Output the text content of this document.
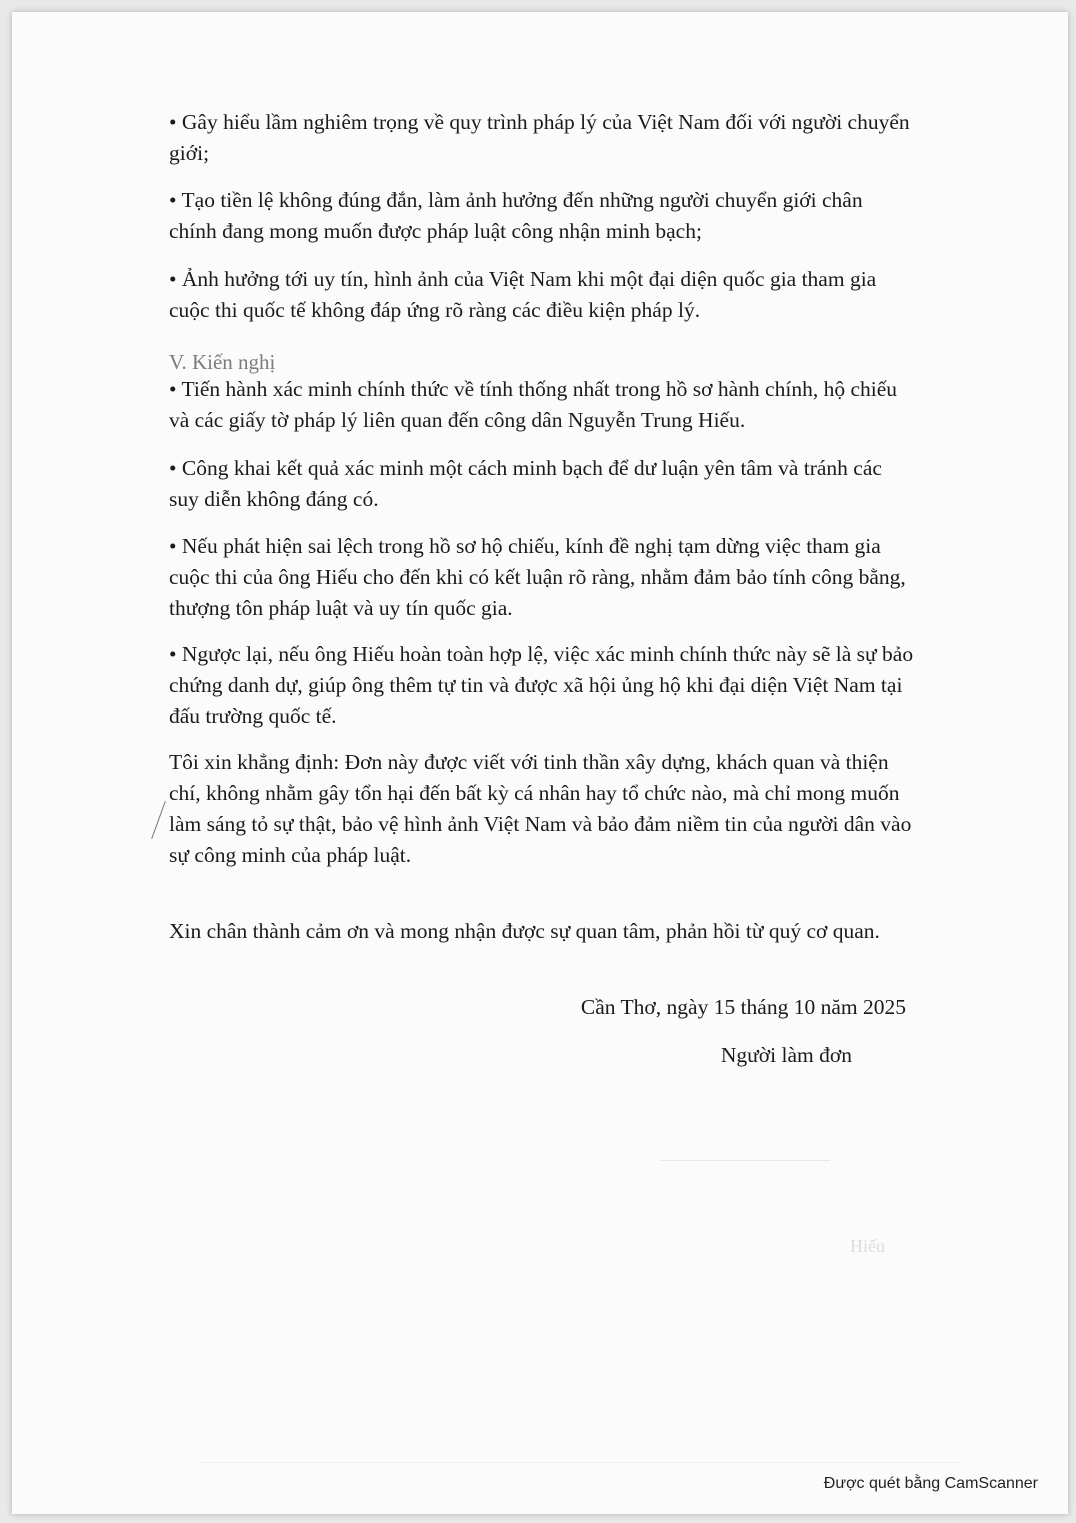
• Gây hiểu lầm nghiêm trọng về quy trình pháp lý của Việt Nam đối với người chuyển giới;

• Tạo tiền lệ không đúng đắn, làm ảnh hưởng đến những người chuyển giới chân chính đang mong muốn được pháp luật công nhận minh bạch;

• Ảnh hưởng tới uy tín, hình ảnh của Việt Nam khi một đại diện quốc gia tham gia cuộc thi quốc tế không đáp ứng rõ ràng các điều kiện pháp lý.

V. Kiến nghị

• Tiến hành xác minh chính thức về tính thống nhất trong hồ sơ hành chính, hộ chiếu và các giấy tờ pháp lý liên quan đến công dân Nguyễn Trung Hiếu.

• Công khai kết quả xác minh một cách minh bạch để dư luận yên tâm và tránh các suy diễn không đáng có.

• Nếu phát hiện sai lệch trong hồ sơ hộ chiếu, kính đề nghị tạm dừng việc tham gia cuộc thi của ông Hiếu cho đến khi có kết luận rõ ràng, nhằm đảm bảo tính công bằng, thượng tôn pháp luật và uy tín quốc gia.

• Ngược lại, nếu ông Hiếu hoàn toàn hợp lệ, việc xác minh chính thức này sẽ là sự bảo chứng danh dự, giúp ông thêm tự tin và được xã hội ủng hộ khi đại diện Việt Nam tại đấu trường quốc tế.

Tôi xin khẳng định: Đơn này được viết với tinh thần xây dựng, khách quan và thiện chí, không nhằm gây tổn hại đến bất kỳ cá nhân hay tổ chức nào, mà chỉ mong muốn làm sáng tỏ sự thật, bảo vệ hình ảnh Việt Nam và bảo đảm niềm tin của người dân vào sự công minh của pháp luật.

Xin chân thành cảm ơn và mong nhận được sự quan tâm, phản hồi từ quý cơ quan.

Cần Thơ, ngày 15 tháng 10 năm 2025

Người làm đơn

Hiếu
Được quét bằng CamScanner
